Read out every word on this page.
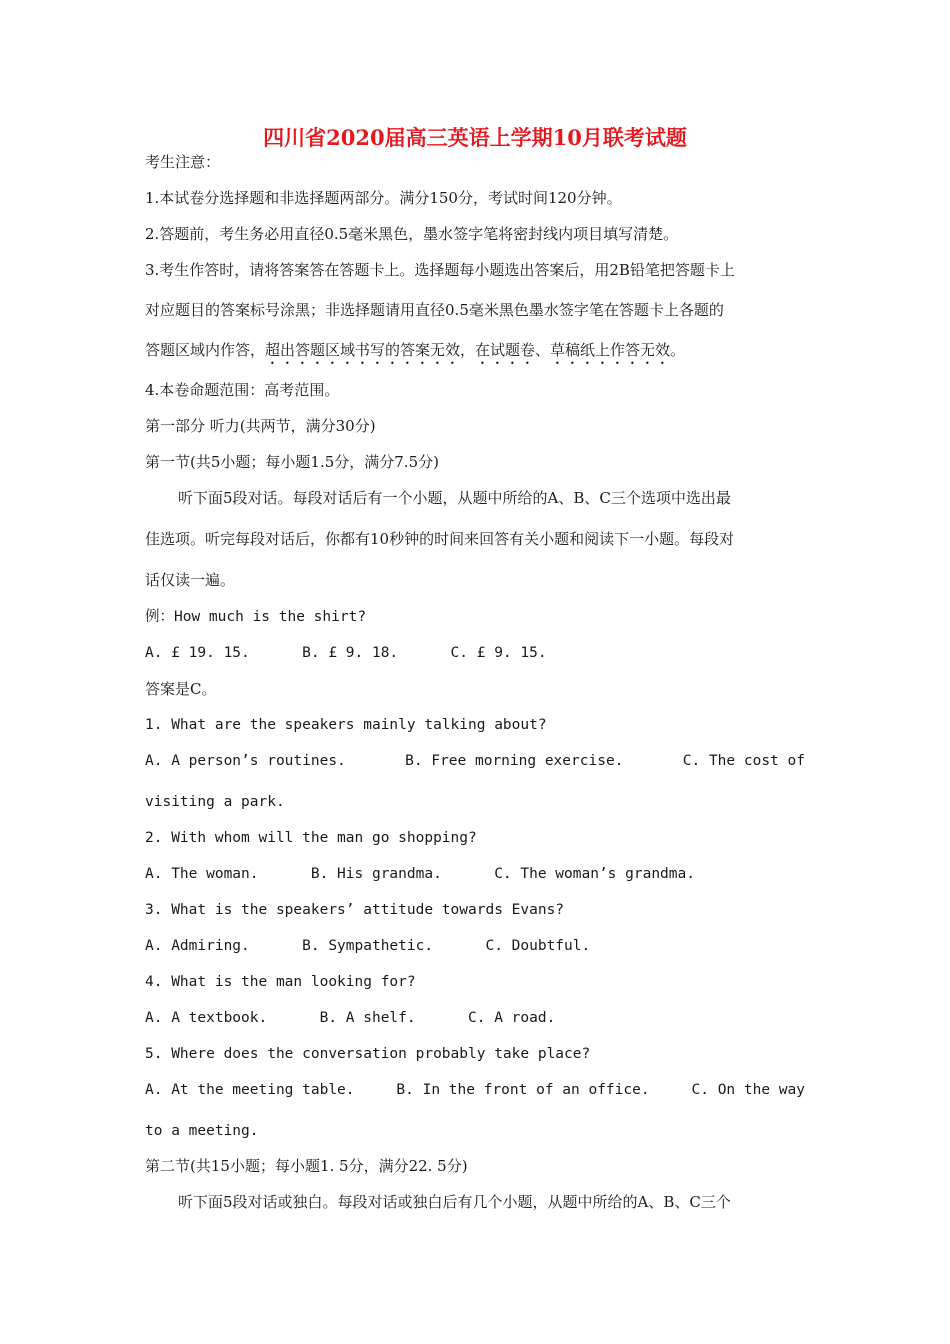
四川省2020届高三英语上学期10月联考试题
考生注意：
1.本试卷分选择题和非选择题两部分。满分150分，考试时间120分钟。
2.答题前，考生务必用直径0.5毫米黑色，墨水签字笔将密封线内项目填写清楚。
3.考生作答时，请将答案答在答题卡上。选择题每小题选出答案后，用2B铅笔把答题卡上
对应题目的答案标号涂黑；非选择题请用直径0.5毫米黑色墨水签字笔在答题卡上各题的
答题区域内作答，超出答题区域书写的答案无效，在试题卷、草稿纸上作答无效。
4.本卷命题范围：高考范围。
第一部分 听力(共两节，满分30分)
第一节(共5小题；每小题1.5分，满分7.5分)
听下面5段对话。每段对话后有一个小题，从题中所给的A、B、C三个选项中选出最
佳选项。听完每段对话后，你都有10秒钟的时间来回答有关小题和阅读下一小题。每段对
话仅读一遍。
例：How much is the shirt?
A. £ 19. 15.      B. £ 9. 18.      C. £ 9. 15.
答案是C。
1. What are the speakers mainly talking about?
A. A person’s routines.	B. Free morning exercise.	C. The cost of
visiting a park.
2. With whom will the man go shopping?
A. The woman.      B. His grandma.      C. The woman’s grandma.
3. What is the speakers’ attitude towards Evans?
A. Admiring.      B. Sympathetic.      C. Doubtful.
4. What is the man looking for?
A. A textbook.      B. A shelf.      C. A road.
5. Where does the conversation probably take place?
A. At the meeting table.	B. In the front of an office.	C. On the way
to a meeting.
第二节(共15小题；每小题1. 5分，满分22. 5分)
听下面5段对话或独白。每段对话或独白后有几个小题，从题中所给的A、B、C三个
